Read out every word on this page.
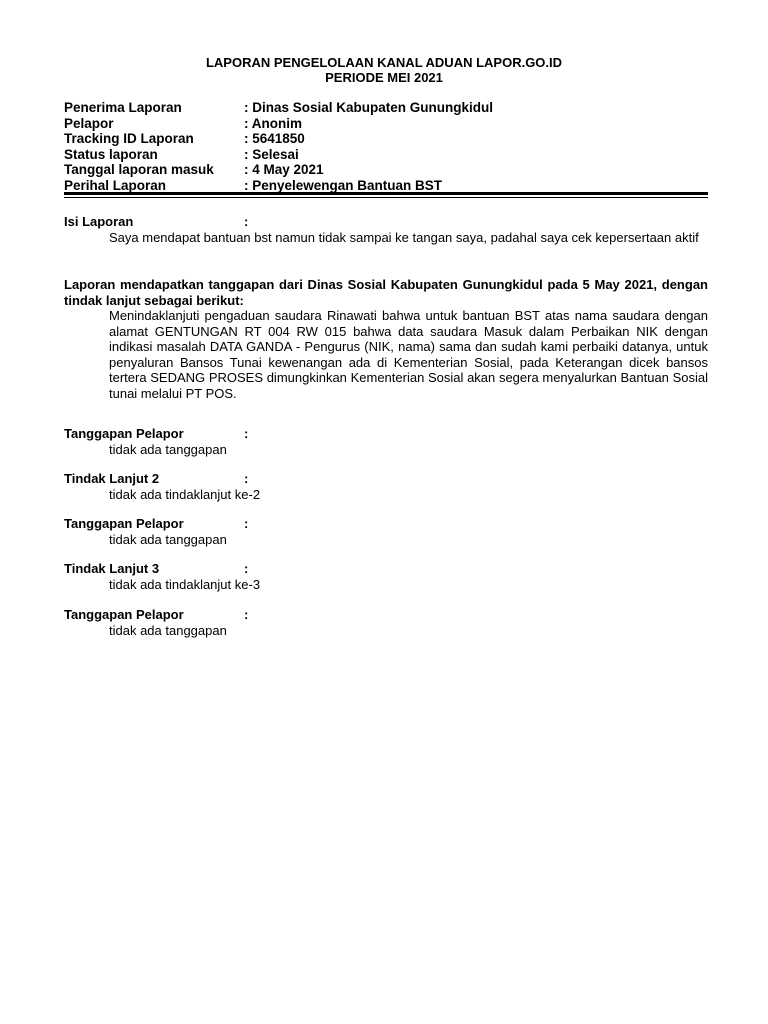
LAPORAN PENGELOLAAN KANAL ADUAN LAPOR.GO.ID
PERIODE MEI 2021
Penerima Laporan	: Dinas Sosial Kabupaten Gunungkidul
Pelapor	: Anonim
Tracking ID Laporan	: 5641850
Status laporan	: Selesai
Tanggal laporan masuk	: 4 May 2021
Perihal Laporan	: Penyelewengan Bantuan BST
Isi Laporan	:
Saya mendapat bantuan bst namun tidak sampai ke tangan saya, padahal saya cek kepersertaan aktif
Laporan mendapatkan tanggapan dari Dinas Sosial Kabupaten Gunungkidul pada 5 May 2021, dengan tindak lanjut sebagai berikut:
Menindaklanjuti pengaduan saudara Rinawati bahwa untuk bantuan BST atas nama saudara dengan alamat GENTUNGAN RT 004 RW 015 bahwa data saudara Masuk dalam Perbaikan NIK dengan indikasi masalah DATA GANDA - Pengurus (NIK, nama) sama dan sudah kami perbaiki datanya, untuk penyaluran Bansos Tunai kewenangan ada di Kementerian Sosial, pada Keterangan dicek bansos tertera SEDANG PROSES dimungkinkan Kementerian Sosial akan segera menyalurkan Bantuan Sosial tunai melalui PT POS.
Tanggapan Pelapor	:
tidak ada tanggapan
Tindak Lanjut 2	:
tidak ada tindaklanjut ke-2
Tanggapan Pelapor	:
tidak ada tanggapan
Tindak Lanjut 3	:
tidak ada tindaklanjut ke-3
Tanggapan Pelapor	:
tidak ada tanggapan
